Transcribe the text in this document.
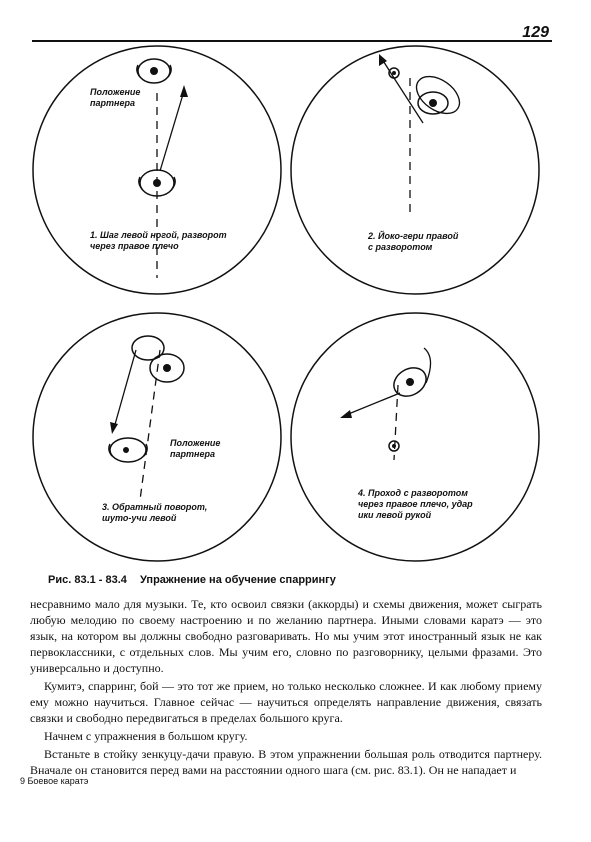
129
Положение
партнера
1. Шаг левой ногой, разворот
через правое плечо
2. Йоко-гери правой
с разворотом
Положение
партнера
3. Обратный поворот,
шуто-учи левой
4. Проход с разворотом
через правое плечо, удар
ики левой рукой
Рис. 83.1 - 83.4 Упражнение на обучение спаррингу

несравнимо мало для музыки. Те, кто освоил связки (аккорды) и схемы движения, может сыграть любую мелодию по своему настроению и по желанию партнера. Иными словами каратэ — это язык, на котором вы должны свободно разговаривать. Но мы учим этот иностранный язык не как первоклассники, с отдельных слов. Мы учим его, словно по разговорнику, целыми фразами. Это универсально и доступно.

Кумитэ, спарринг, бой — это тот же прием, но только несколько сложнее. И как любому приему ему можно научиться. Главное сейчас — научиться определять направление движения, связать связки и свободно передвигаться в пределах большого круга.

Начнем с упражнения в большом кругу.

Встаньте в стойку зенкуцу-дачи правую. В этом упражнении большая роль отводится партнеру. Вначале он становится перед вами на расстоянии одного шага (см. рис. 83.1). Он не нападает и

9 Боевое каратэ
